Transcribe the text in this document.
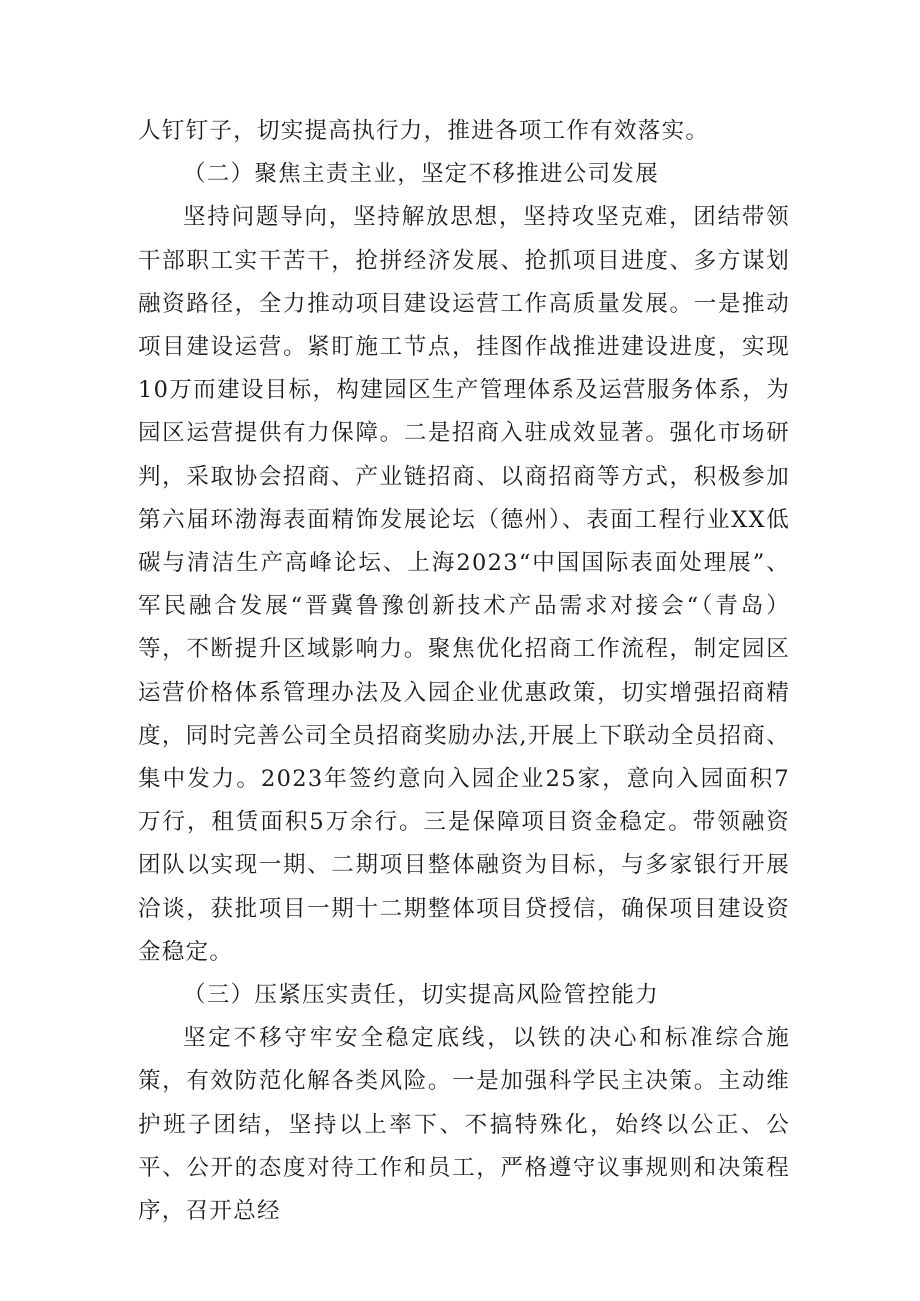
人钉钉子，切实提高执行力，推进各项工作有效落实。

（二）聚焦主责主业，坚定不移推进公司发展

坚持问题导向，坚持解放思想，坚持攻坚克难，团结带领干部职工实干苦干，抢拼经济发展、抢抓项目进度、多方谋划融资路径，全力推动项目建设运营工作高质量发展。一是推动项目建设运营。紧盯施工节点，挂图作战推进建设进度，实现10万而建设目标，构建园区生产管理体系及运营服务体系，为园区运营提供有力保障。二是招商入驻成效显著。强化市场研判，采取协会招商、产业链招商、以商招商等方式，积极参加第六届环渤海表面精饰发展论坛（德州）、表面工程行业XX低碳与清洁生产高峰论坛、上海2023“中国国际表面处理展”、军民融合发展“晋冀鲁豫创新技术产品需求对接会“（青岛）等，不断提升区域影响力。聚焦优化招商工作流程，制定园区运营价格体系管理办法及入园企业优惠政策，切实增强招商精度，同时完善公司全员招商奖励办法,开展上下联动全员招商、集中发力。2023年签约意向入园企业25家，意向入园面积7万行，租赁面积5万余行。三是保障项目资金稳定。带领融资团队以实现一期、二期项目整体融资为目标，与多家银行开展洽谈，获批项目一期十二期整体项目贷授信，确保项目建设资金稳定。

（三）压紧压实责任，切实提高风险管控能力

坚定不移守牢安全稳定底线，以铁的决心和标准综合施策，有效防范化解各类风险。一是加强科学民主决策。主动维护班子团结，坚持以上率下、不搞特殊化，始终以公正、公平、公开的态度对待工作和员工，严格遵守议事规则和决策程序，召开总经
